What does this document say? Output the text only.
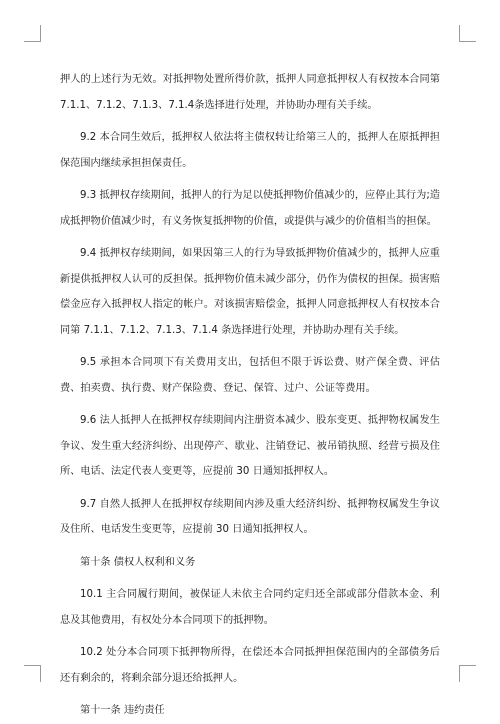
押人的上述行为无效。对抵押物处置所得价款，抵押人同意抵押权人有权按本合同第7.1.1、7.1.2、7.1.3、7.1.4条选择进行处理，并协助办理有关手续。

9.2 本合同生效后，抵押权人依法将主债权转让给第三人的，抵押人在原抵押担保范围内继续承担担保责任。

9.3 抵押权存续期间，抵押人的行为足以使抵押物价值减少的，应停止其行为;造成抵押物价值减少时，有义务恢复抵押物的价值，或提供与减少的价值相当的担保。

9.4 抵押权存续期间，如果因第三人的行为导致抵押物价值减少的，抵押人应重新提供抵押权人认可的反担保。抵押物价值未减少部分，仍作为债权的担保。损害赔偿金应存入抵押权人指定的帐户。对该损害赔偿金，抵押人同意抵押权人有权按本合同第 7.1.1、7.1.2、7.1.3、7.1.4 条选择进行处理，并协助办理有关手续。

9.5 承担本合同项下有关费用支出，包括但不限于诉讼费、财产保全费、评估费、拍卖费、执行费、财产保险费、登记、保管、过户、公证等费用。

9.6 法人抵押人在抵押权存续期间内注册资本减少、股东变更、抵押物权属发生争议、发生重大经济纠纷、出现停产、歇业、注销登记、被吊销执照、经营亏损及住所、电话、法定代表人变更等，应提前 30 日通知抵押权人。

9.7 自然人抵押人在抵押权存续期间内涉及重大经济纠纷、抵押物权属发生争议及住所、电话发生变更等，应提前 30 日通知抵押权人。

第十条 债权人权利和义务

10.1 主合同履行期间，被保证人未依主合同约定归还全部或部分借款本金、利息及其他费用，有权处分本合同项下的抵押物。

10.2 处分本合同项下抵押物所得，在偿还本合同抵押担保范围内的全部债务后还有剩余的，将剩余部分退还给抵押人。

第十一条 违约责任
